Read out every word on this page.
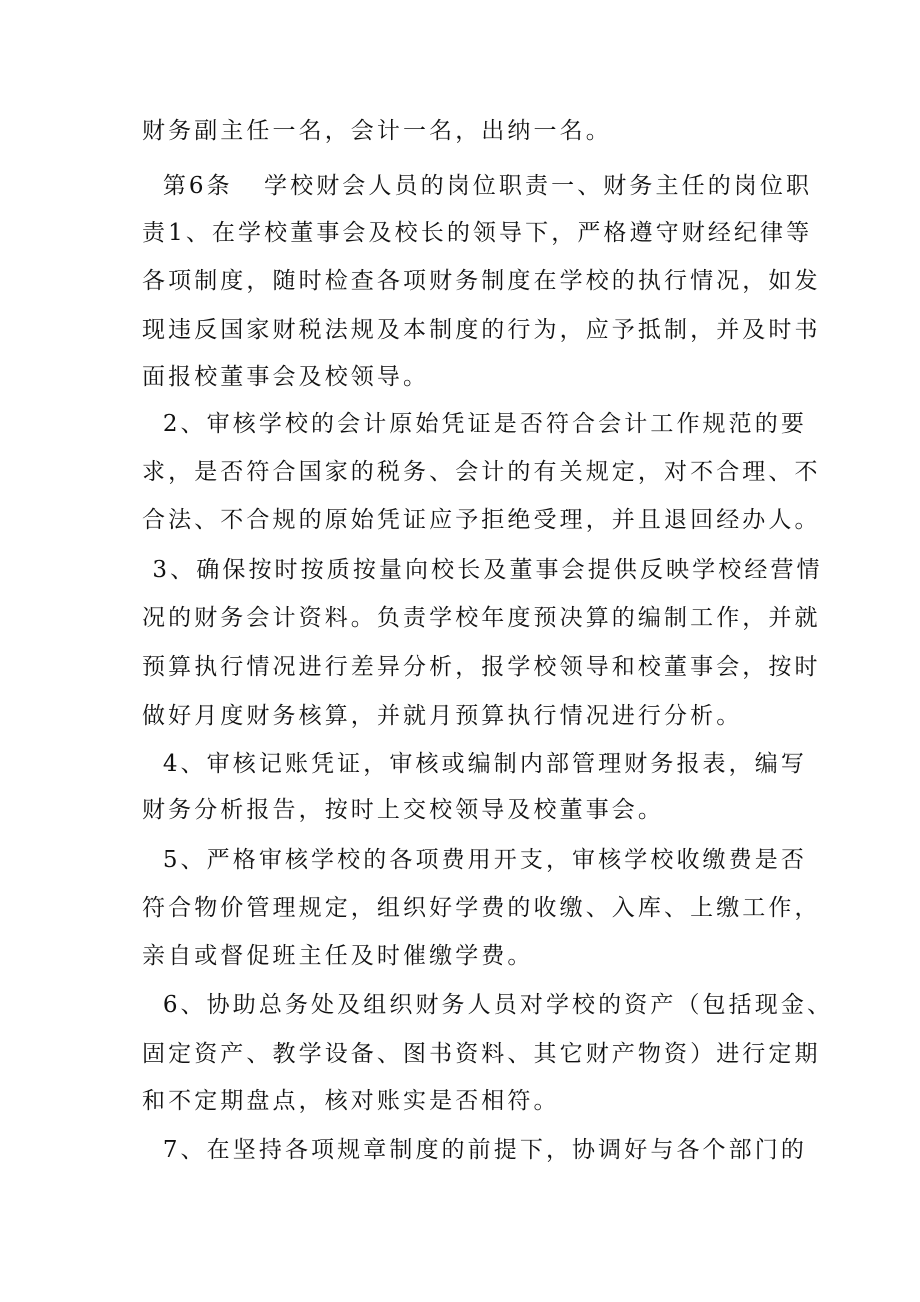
财务副主任一名，会计一名，出纳一名。
第6条   学校财会人员的岗位职责一、财务主任的岗位职
责1、在学校董事会及校长的领导下，严格遵守财经纪律等
各项制度，随时检查各项财务制度在学校的执行情况，如发
现违反国家财税法规及本制度的行为，应予抵制，并及时书
面报校董事会及校领导。
2、审核学校的会计原始凭证是否符合会计工作规范的要
求，是否符合国家的税务、会计的有关规定，对不合理、不
合法、不合规的原始凭证应予拒绝受理，并且退回经办人。
3、确保按时按质按量向校长及董事会提供反映学校经营情
况的财务会计资料。负责学校年度预决算的编制工作，并就
预算执行情况进行差异分析，报学校领导和校董事会，按时
做好月度财务核算，并就月预算执行情况进行分析。
4、审核记账凭证，审核或编制内部管理财务报表，编写
财务分析报告，按时上交校领导及校董事会。
5、严格审核学校的各项费用开支，审核学校收缴费是否
符合物价管理规定，组织好学费的收缴、入库、上缴工作，
亲自或督促班主任及时催缴学费。
6、协助总务处及组织财务人员对学校的资产（包括现金、
固定资产、教学设备、图书资料、其它财产物资）进行定期
和不定期盘点，核对账实是否相符。
7、在坚持各项规章制度的前提下，协调好与各个部门的
